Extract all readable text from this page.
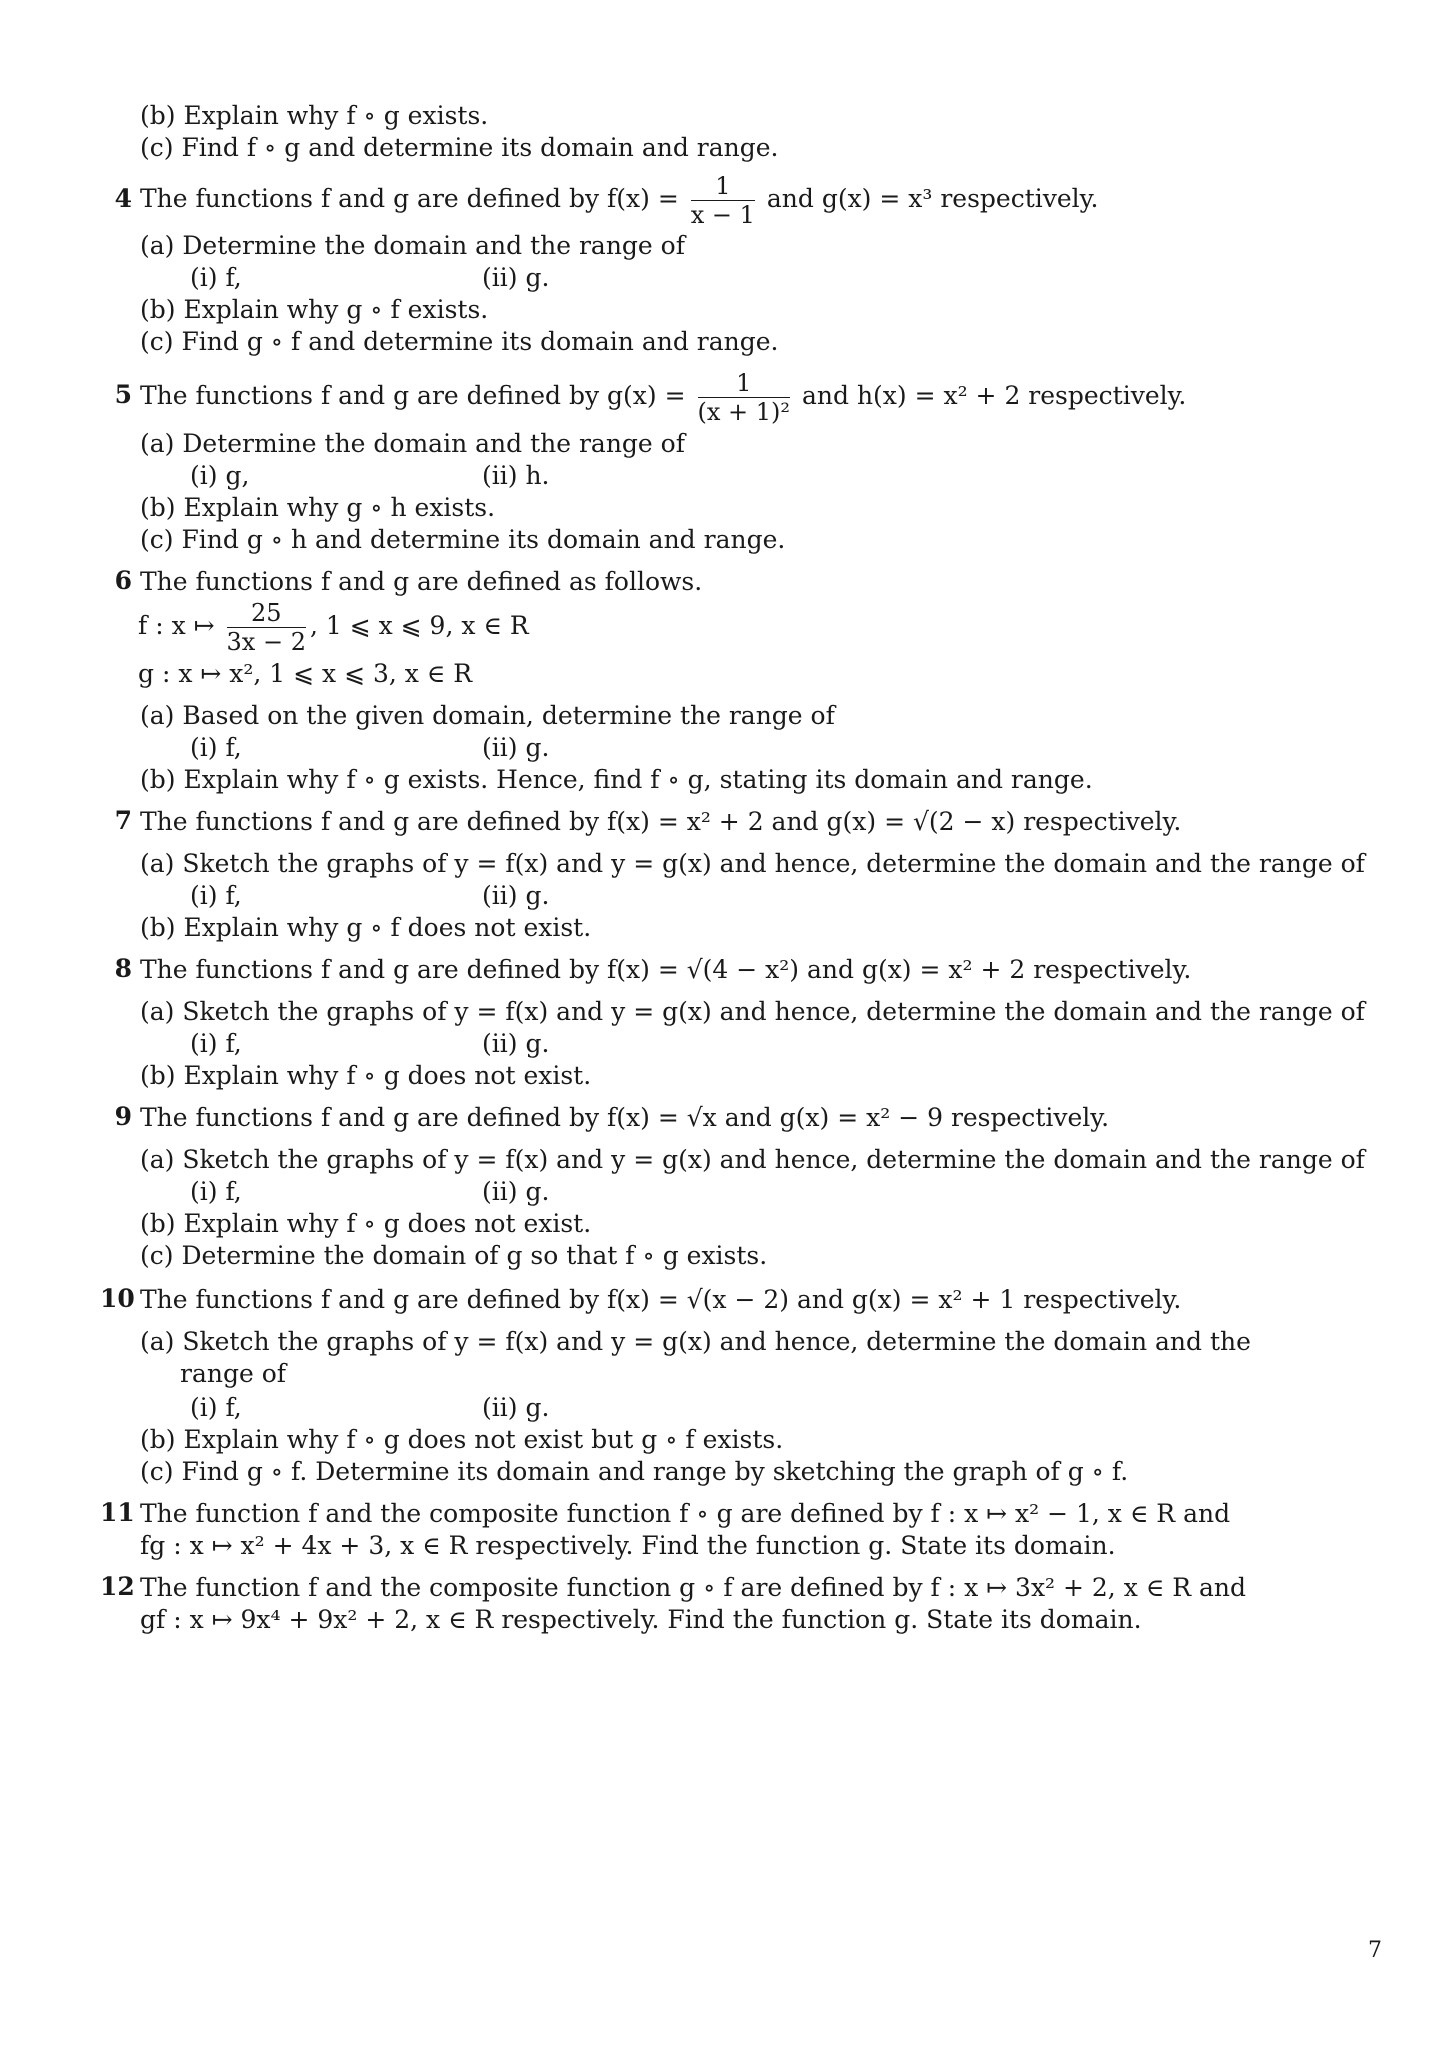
(b) Explain why f ∘ g exists.
(c) Find f ∘ g and determine its domain and range.
4 The functions f and g are defined by $f(x) = \frac{1}{x - 1}$ and g(x) = x³ respectively.
(a) Determine the domain and the range of
(i) f,	(ii) g.
(b) Explain why g ∘ f exists.
(c) Find g ∘ f and determine its domain and range.
5 The functions f and g are defined by $g(x) = \frac{1}{\text{(x + 1)²}}$ and h(x) = x² + 2 respectively.
(a) Determine the domain and the range of
(i) g,	(ii) h.
(b) Explain why g ∘ h exists.
(c) Find g ∘ h and determine its domain and range.
6 The functions f and g are defined as follows.
f : x ↦ $\frac{25}{3x - 2}$ , 1 ⩽ x ⩽ 9, x ∈ R
g : x ↦ x², 1 ⩽ x ⩽ 3, x ∈ R
(a) Based on the given domain, determine the range of
(i) f,	(ii) g.
(b) Explain why f ∘ g exists. Hence, find f ∘ g, stating its domain and range.
7 The functions f and g are defined by f(x) = x² + 2 and g(x) = √(2 − x) respectively.
(a) Sketch the graphs of y = f(x) and y = g(x) and hence, determine the domain and the range of
(i) f,	(ii) g.
(b) Explain why g ∘ f does not exist.
8 The functions f and g are defined by f(x) = √(4 − x²) and g(x) = x² + 2 respectively.
(a) Sketch the graphs of y = f(x) and y = g(x) and hence, determine the domain and the range of
(i) f,	(ii) g.
(b) Explain why f ∘ g does not exist.
9 The functions f and g are defined by f(x) = √x and g(x) = x² − 9 respectively.
(a) Sketch the graphs of y = f(x) and y = g(x) and hence, determine the domain and the range of
(i) f,	(ii) g.
(b) Explain why f ∘ g does not exist.
(c) Determine the domain of g so that f ∘ g exists.
10 The functions f and g are defined by f(x) = √(x − 2) and g(x) = x² + 1 respectively.
(a) Sketch the graphs of y = f(x) and y = g(x) and hence, determine the domain and the
range of
(i) f,	(ii) g.
(b) Explain why f ∘ g does not exist but g ∘ f exists.
(c) Find g ∘ f. Determine its domain and range by sketching the graph of g ∘ f.
11 The function f and the composite function f ∘ g are defined by f : x ↦ x² − 1, x ∈ R and
fg : x ↦ x² + 4x + 3, x ∈ R respectively. Find the function g. State its domain.
12 The function f and the composite function g ∘ f are defined by f : x ↦ 3x² + 2, x ∈ R and
gf : x ↦ 9x⁴ + 9x² + 2, x ∈ R respectively. Find the function g. State its domain.
7
